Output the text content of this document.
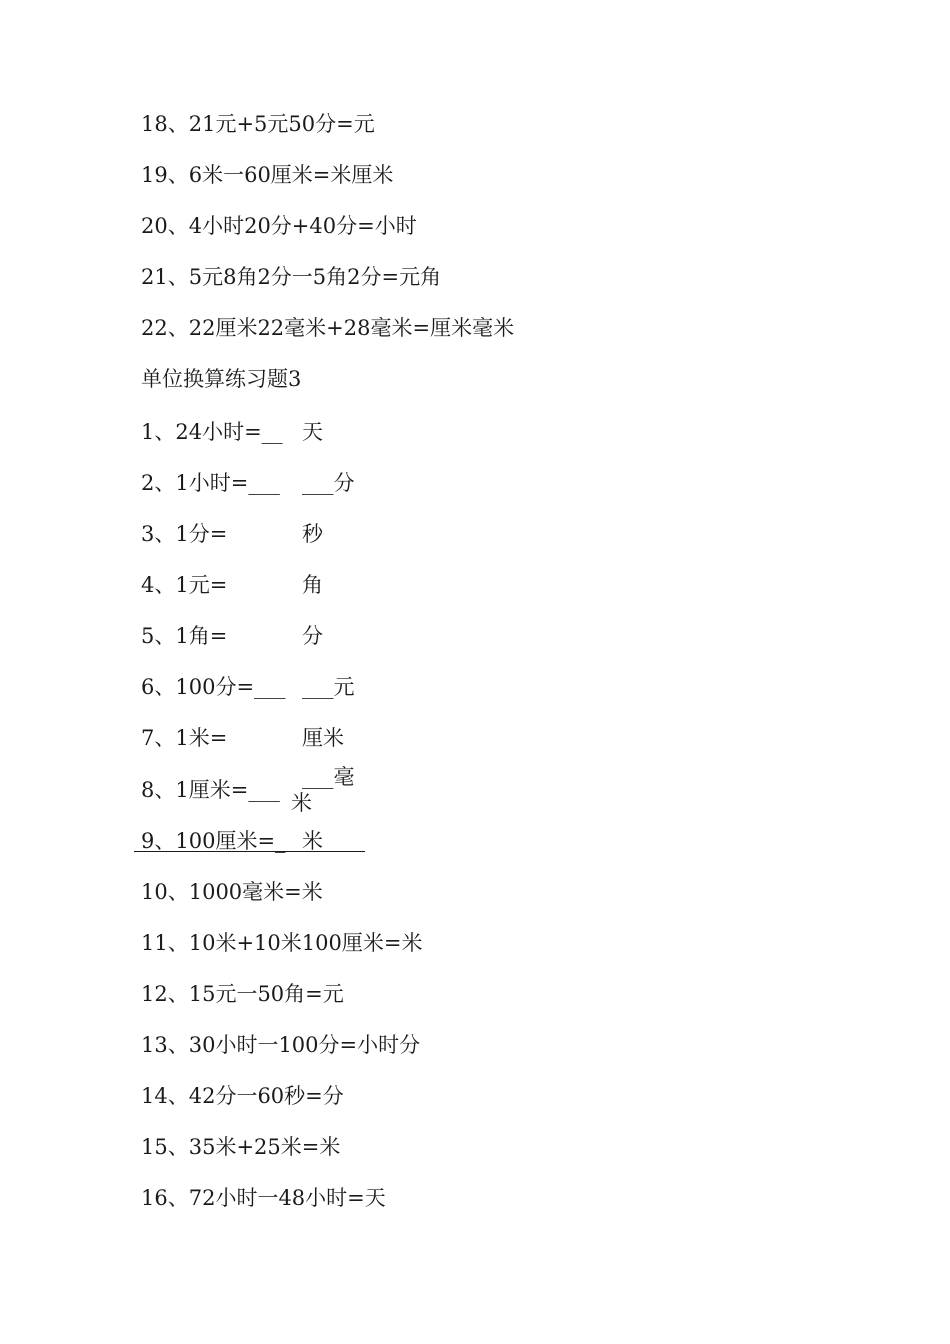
18、21元+5元50分=元
19、6米一60厘米=米厘米
20、4小时20分+40分=小时
21、5元8角2分一5角2分=元角
22、22厘米22毫米+28毫米=厘米毫米
单位换算练习题3
1、24小时=__ 天
2、1小时=___ ___分
3、1分=	秒
4、1元=	角
5、1角=	分
6、100分=___ ___元
7、1米=	厘米
8、1厘米=___
___毫
米
9、100厘米=_ 米
10、1000毫米=米
11、10米+10米100厘米=米
12、15元一50角=元
13、30小时一100分=小时分
14、42分一60秒=分
15、35米+25米=米
16、72小时一48小时=天
